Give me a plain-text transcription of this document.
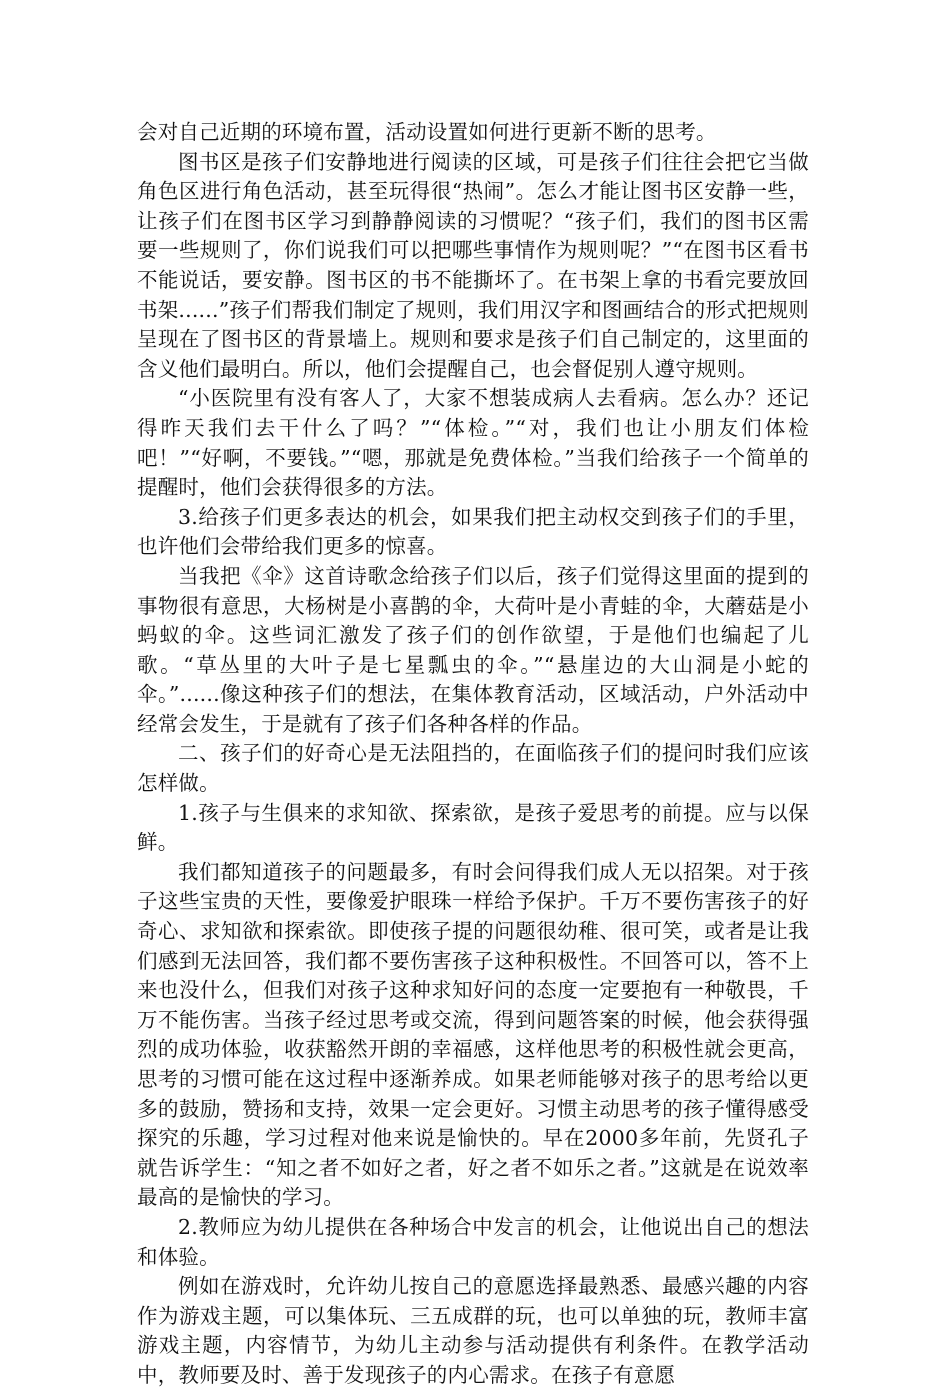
会对自己近期的环境布置，活动设置如何进行更新不断的思考。

图书区是孩子们安静地进行阅读的区域，可是孩子们往往会把它当做角色区进行角色活动，甚至玩得很“热闹”。怎么才能让图书区安静一些，让孩子们在图书区学习到静静阅读的习惯呢？“孩子们，我们的图书区需要一些规则了，你们说我们可以把哪些事情作为规则呢？”“在图书区看书不能说话，要安静。图书区的书不能撕坏了。在书架上拿的书看完要放回书架......”孩子们帮我们制定了规则，我们用汉字和图画结合的形式把规则呈现在了图书区的背景墙上。规则和要求是孩子们自己制定的，这里面的含义他们最明白。所以，他们会提醒自己，也会督促别人遵守规则。

“小医院里有没有客人了，大家不想装成病人去看病。怎么办？还记得昨天我们去干什么了吗？”“体检。”“对，我们也让小朋友们体检吧！”“好啊，不要钱。”“嗯，那就是免费体检。”当我们给孩子一个简单的提醒时，他们会获得很多的方法。

3.给孩子们更多表达的机会，如果我们把主动权交到孩子们的手里，也许他们会带给我们更多的惊喜。

当我把《伞》这首诗歌念给孩子们以后，孩子们觉得这里面的提到的事物很有意思，大杨树是小喜鹊的伞，大荷叶是小青蛙的伞，大蘑菇是小蚂蚁的伞。这些词汇激发了孩子们的创作欲望，于是他们也编起了儿歌。“草丛里的大叶子是七星瓢虫的伞。”“悬崖边的大山洞是小蛇的伞。”......像这种孩子们的想法，在集体教育活动，区域活动，户外活动中经常会发生，于是就有了孩子们各种各样的作品。

二、孩子们的好奇心是无法阻挡的，在面临孩子们的提问时我们应该怎样做。

1.孩子与生俱来的求知欲、探索欲，是孩子爱思考的前提。应与以保鲜。

我们都知道孩子的问题最多，有时会问得我们成人无以招架。对于孩子这些宝贵的天性，要像爱护眼珠一样给予保护。千万不要伤害孩子的好奇心、求知欲和探索欲。即使孩子提的问题很幼稚、很可笑，或者是让我们感到无法回答，我们都不要伤害孩子这种积极性。不回答可以，答不上来也没什么，但我们对孩子这种求知好问的态度一定要抱有一种敬畏，千万不能伤害。当孩子经过思考或交流，得到问题答案的时候，他会获得强烈的成功体验，收获豁然开朗的幸福感，这样他思考的积极性就会更高，思考的习惯可能在这过程中逐渐养成。如果老师能够对孩子的思考给以更多的鼓励，赞扬和支持，效果一定会更好。习惯主动思考的孩子懂得感受探究的乐趣，学习过程对他来说是愉快的。早在2000多年前，先贤孔子就告诉学生：“知之者不如好之者，好之者不如乐之者。”这就是在说效率最高的是愉快的学习。

2.教师应为幼儿提供在各种场合中发言的机会，让他说出自己的想法和体验。

例如在游戏时，允许幼儿按自己的意愿选择最熟悉、最感兴趣的内容作为游戏主题，可以集体玩、三五成群的玩，也可以单独的玩，教师丰富游戏主题，内容情节，为幼儿主动参与活动提供有利条件。在教学活动中，教师要及时、善于发现孩子的内心需求。在孩子有意愿
